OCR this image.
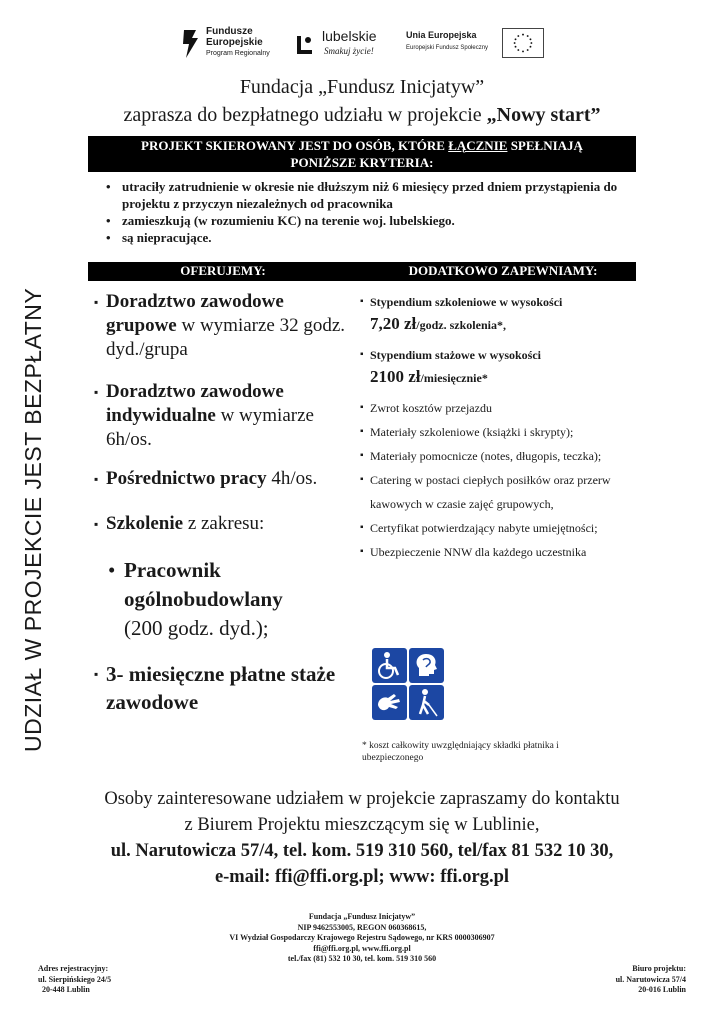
Fundusze
Europejskie
Program Regionalny
lubelskie
Smakuj życie!
Unia Europejska
Europejski Fundusz Społeczny
Fundacja „Fundusz Inicjatyw”
zaprasza do bezpłatnego udziału w projekcie „Nowy start”
PROJEKT SKIEROWANY JEST DO OSÓB, KTÓRE ŁĄCZNIE SPEŁNIAJĄ
PONIŻSZE KRYTERIA:
• utraciły zatrudnienie w okresie nie dłuższym niż 6 miesięcy przed dniem przystąpienia do projektu z przyczyn niezależnych od pracownika
• zamieszkują (w rozumieniu KC) na terenie woj. lubelskiego.
• są niepracujące.
OFERUJEMY:	DODATKOWO ZAPEWNIAMY:
UDZIAŁ W PROJEKCIE JEST BEZPŁATNY
▪	Doradztwo zawodowe grupowe w wymiarze 32 godz. dyd./grupa
▪ Doradztwo zawodowe indywidualne w wymiarze 6h/os.
▪ Pośrednictwo pracy 4h/os.
▪ Szkolenie z zakresu:
• Pracownik ogólnobudowlany
(200 godz. dyd.);
▪ 3- miesięczne płatne staże zawodowe
▪ Stypendium szkoleniowe w wysokości
7,20 zł/godz. szkolenia*,
▪ Stypendium stażowe w wysokości
2100 zł/miesięcznie*
▪ Zwrot kosztów przejazdu
▪ Materiały szkoleniowe (książki i skrypty);
▪ Materiały pomocnicze (notes, długopis, teczka);
▪ Catering w postaci ciepłych posiłków oraz przerw kawowych w czasie zajęć grupowych,
▪ Certyfikat potwierdzający nabyte umiejętności;
▪ Ubezpieczenie NNW dla każdego uczestnika
* koszt całkowity uwzględniający składki płatnika i ubezpieczonego
Osoby zainteresowane udziałem w projekcie zapraszamy do kontaktu
z Biurem Projektu mieszczącym się w Lublinie,
ul. Narutowicza 57/4, tel. kom. 519 310 560, tel/fax 81 532 10 30,
e-mail: ffi@ffi.org.pl; www: ffi.org.pl
Fundacja „Fundusz Inicjatyw”
NIP 9462553005, REGON 060368615,
VI Wydział Gospodarczy Krajowego Rejestru Sądowego, nr KRS 0000306907
ffi@ffi.org.pl, www.ffi.org.pl
tel./fax (81) 532 10 30, tel. kom. 519 310 560
Adres rejestracyjny:
ul. Sierpińskiego 24/5
20-448 Lublin
Biuro projektu:
ul. Narutowicza 57/4
20-016 Lublin
